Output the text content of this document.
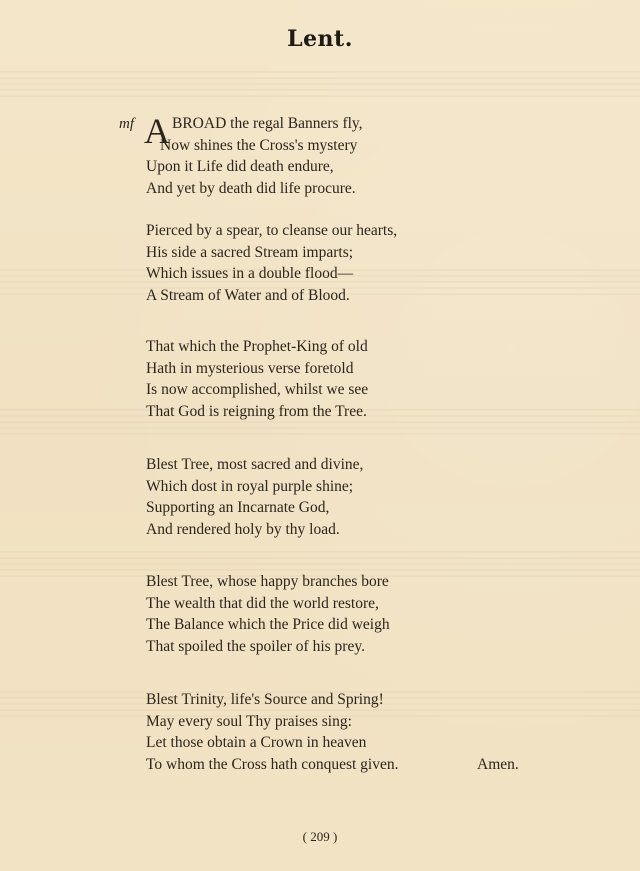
Lent.
mf A BROAD the regal Banners fly,
Now shines the Cross's mystery
Upon it Life did death endure,
And yet by death did life procure.
Pierced by a spear, to cleanse our hearts,
His side a sacred Stream imparts;
Which issues in a double flood—
A Stream of Water and of Blood.
That which the Prophet-King of old
Hath in mysterious verse foretold
Is now accomplished, whilst we see
That God is reigning from the Tree.
Blest Tree, most sacred and divine,
Which dost in royal purple shine;
Supporting an Incarnate God,
And rendered holy by thy load.
Blest Tree, whose happy branches bore
The wealth that did the world restore,
The Balance which the Price did weigh
That spoiled the spoiler of his prey.
Blest Trinity, life's Source and Spring!
May every soul Thy praises sing:
Let those obtain a Crown in heaven
To whom the Cross hath conquest given.	Amen.
( 209 )
